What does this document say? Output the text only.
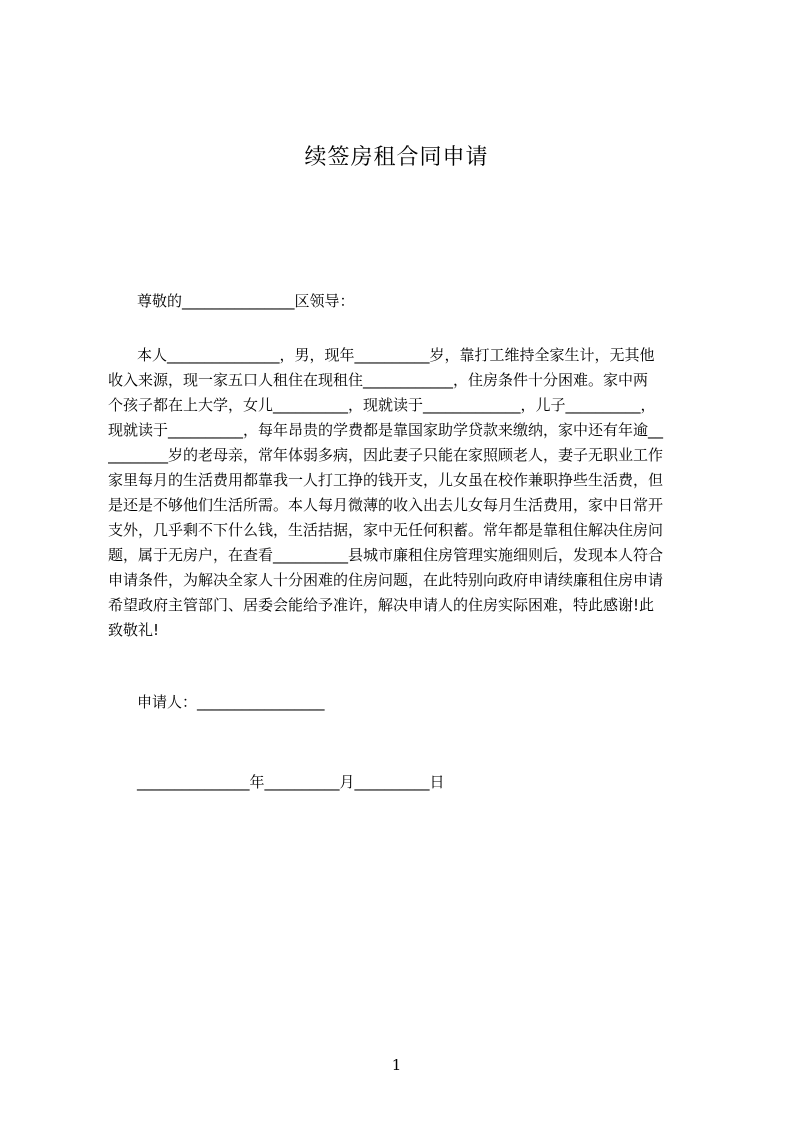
续签房租合同申请
尊敬的_______________区领导：
本人_______________，男，现年__________岁，靠打工维持全家生计，无其他
收入来源，现一家五口人租住在现租住____________，住房条件十分困难。家中两
个孩子都在上大学，女儿__________，现就读于_____________，儿子__________，
现就读于__________，每年昂贵的学费都是靠国家助学贷款来缴纳，家中还有年逾__
________岁的老母亲，常年体弱多病，因此妻子只能在家照顾老人，妻子无职业工作
家里每月的生活费用都靠我一人打工挣的钱开支，儿女虽在校作兼职挣些生活费，但
是还是不够他们生活所需。本人每月微薄的收入出去儿女每月生活费用，家中日常开
支外，几乎剩不下什么钱，生活拮据，家中无任何积蓄。常年都是靠租住解决住房问
题，属于无房户，在查看__________县城市廉租住房管理实施细则后，发现本人符合
申请条件，为解决全家人十分困难的住房问题，在此特别向政府申请续廉租住房申请
希望政府主管部门、居委会能给予准许，解决申请人的住房实际困难，特此感谢!此
致敬礼!
申请人：_________________
_______________年__________月__________日
1
